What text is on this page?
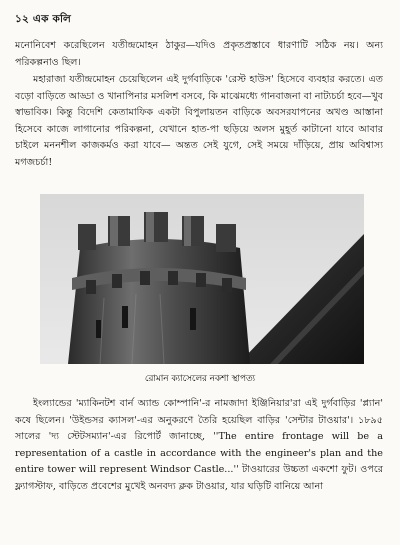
১২ এক কলি

মনোনিবেশ করেছিলেন যতীন্দ্রমোহন ঠাকুর—যদিও প্রকৃতপ্রস্তাবে ধারণাটি সঠিক নয়। অন্য পরিকল্পনাও ছিল।

মহারাজা যতীন্দ্রমোহন চেয়েছিলেন এই দুর্গবাড়িকে 'রেস্ট হাউস' হিসেবে ব্যবহার করতে। এত বড়ো বাড়িতে আড্ডা ও খানাপিনার মসলিশ বসবে, কি মাঝেমধ্যে গানবাজনা বা নাট্যচর্চা হবে—খুব স্বাভাবিক। কিন্তু বিদেশি কেতামাফিক একটা বিপুলায়তন বাড়িকে অবসরযাপনের অখণ্ড আস্তানা হিসেবে কাজে লাগানোর পরিকল্পনা, যেখানে হাত-পা ছড়িয়ে অলস মুহূর্ত কাটানো যাবে আবার চাইলে মননশীল কাজকর্মও করা যাবে— অন্তত সেই যুগে, সেই সময়ে দাঁড়িয়ে, প্রায় অবিশ্বাস্য মগজচর্চা!

রোমান ক্যাসেলের নকশা স্থাপত্য

ইংল্যান্ডের 'ম্যাকিনটশ বার্ন অ্যান্ড কোম্পানি'-র নামজাদা ইঞ্জিনিয়ার'রা এই দুর্গবাড়ির 'প্ল্যান' কষে ছিলেন। 'উইন্ডসর ক্যাসল'-এর অনুকরণে তৈরি হয়েছিল বাড়ির 'সেন্টার টাওয়ার'। ১৮৯৫ সালের 'দ্য স্টেটসম্যান'-এর রিপোর্ট জানাচ্ছে, ''The entire frontage will be a representation of a castle in accordance with the engineer's plan and the entire tower will represent Windsor Castle...'' টাওয়ারের উচ্চতা একশো ফুট। ওপরে ফ্ল্যাগস্টাফ, বাড়িতে প্রবেশের মুখেই অনবদ্য ক্লক টাওয়ার, যার ঘড়িটি বানিয়ে আনা
